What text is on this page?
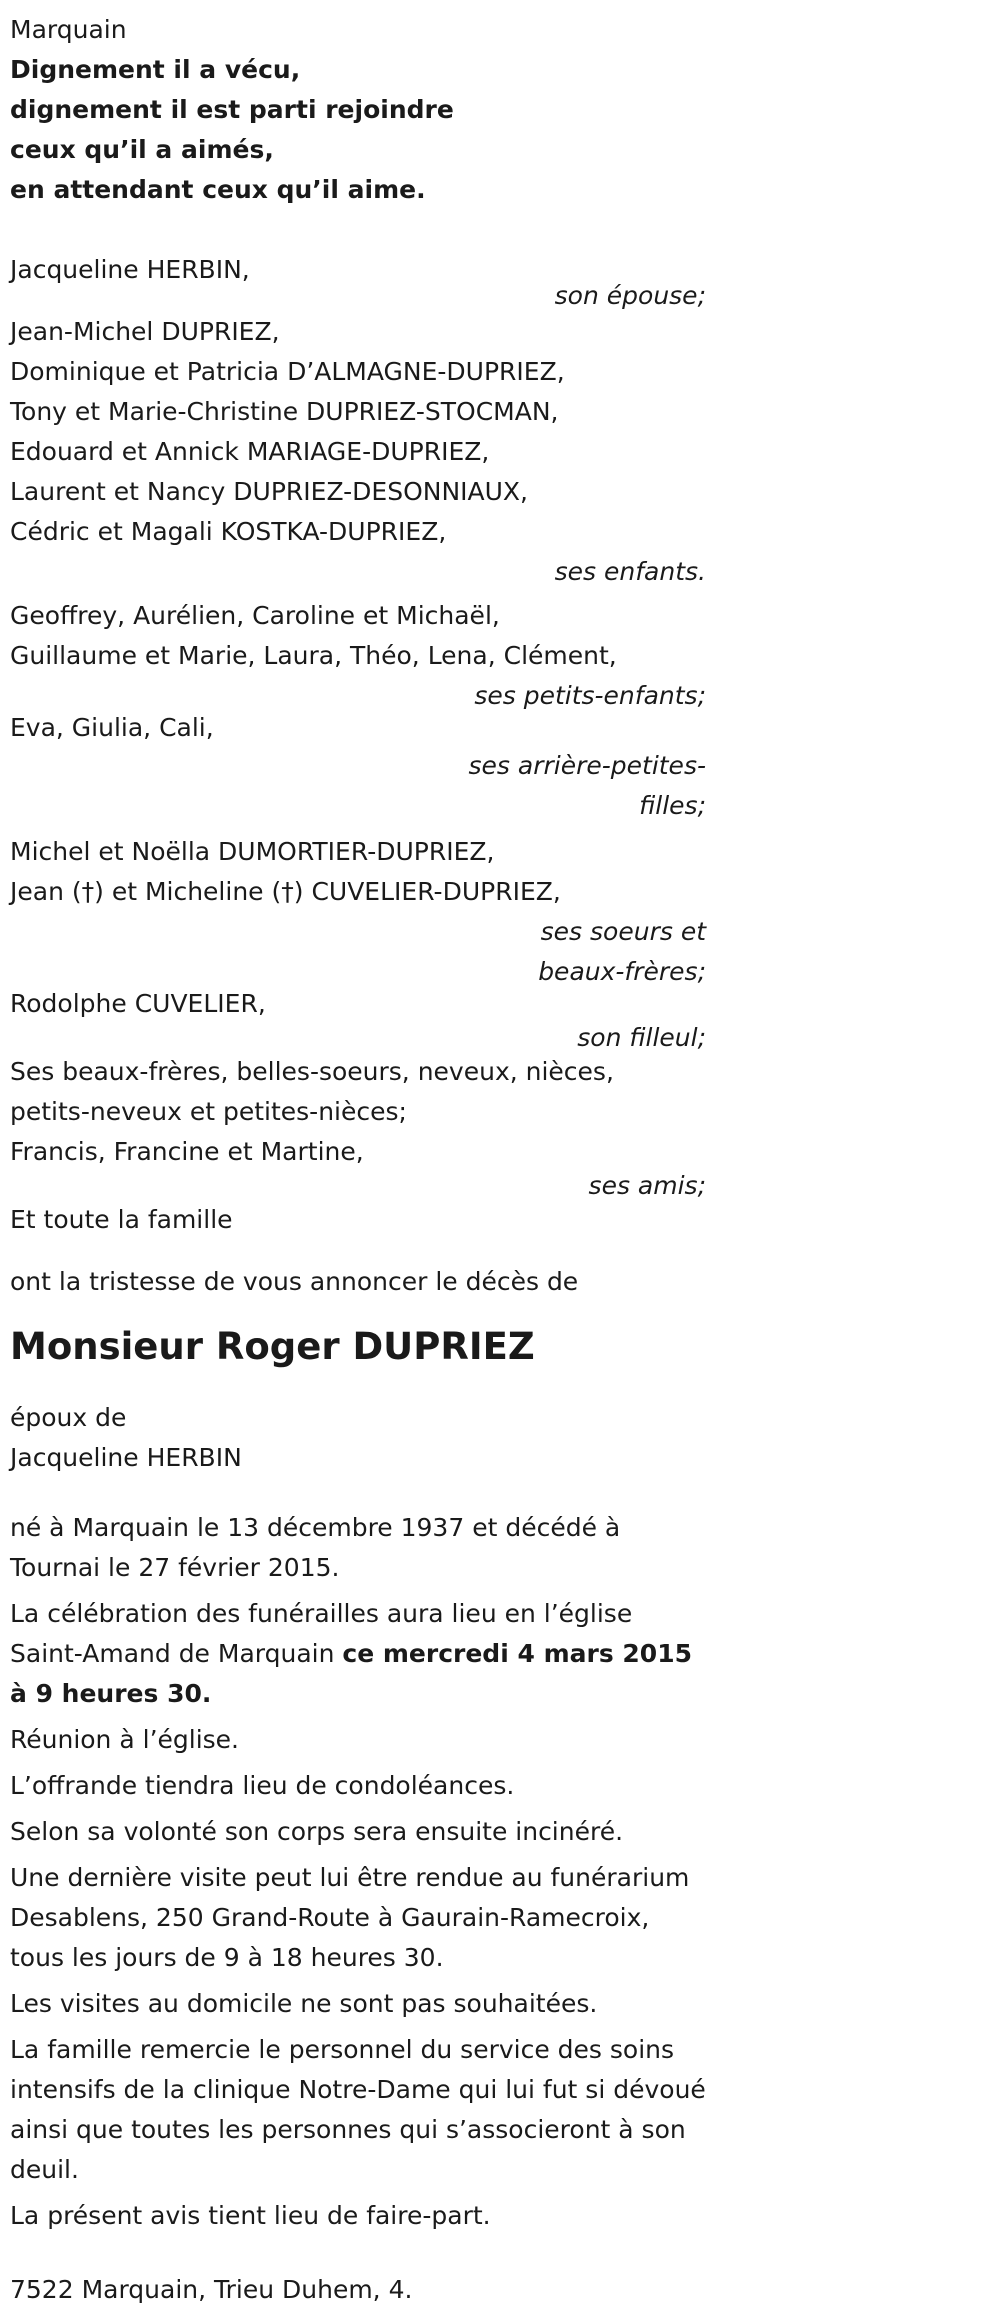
Marquain
Dignement il a vécu,
dignement il est parti rejoindre
ceux qu’il a aimés,
en attendant ceux qu’il aime.
Jacqueline HERBIN,
son épouse;
Jean-Michel DUPRIEZ,
Dominique et Patricia D’ALMAGNE-DUPRIEZ,
Tony et Marie-Christine DUPRIEZ-STOCMAN,
Edouard et Annick MARIAGE-DUPRIEZ,
Laurent et Nancy DUPRIEZ-DESONNIAUX,
Cédric et Magali KOSTKA-DUPRIEZ,
ses enfants.
Geoffrey, Aurélien, Caroline et Michaël,
Guillaume et Marie, Laura, Théo, Lena, Clément,
ses petits-enfants;
Eva, Giulia, Cali,
ses arrière-petites-
filles;
Michel et Noëlla DUMORTIER-DUPRIEZ,
Jean (†) et Micheline (†) CUVELIER-DUPRIEZ,
ses soeurs et
beaux-frères;
Rodolphe CUVELIER,
son filleul;
Ses beaux-frères, belles-soeurs, neveux, nièces,
petits-neveux et petites-nièces;
Francis, Francine et Martine,
ses amis;
Et toute la famille
ont la tristesse de vous annoncer le décès de
Monsieur Roger DUPRIEZ
époux de
Jacqueline HERBIN
né à Marquain le 13 décembre 1937 et décédé à Tournai le 27 février 2015.
La célébration des funérailles aura lieu en l’église Saint-Amand de Marquain ce mercredi 4 mars 2015 à 9 heures 30.
Réunion à l’église.
L’offrande tiendra lieu de condoléances.
Selon sa volonté son corps sera ensuite incinéré.
Une dernière visite peut lui être rendue au funérarium Desablens, 250 Grand-Route à Gaurain-Ramecroix, tous les jours de 9 à 18 heures 30.
Les visites au domicile ne sont pas souhaitées.
La famille remercie le personnel du service des soins intensifs de la clinique Notre-Dame qui lui fut si dévoué ainsi que toutes les personnes qui s’associeront à son deuil.
La présent avis tient lieu de faire-part.
7522 Marquain, Trieu Duhem, 4.
